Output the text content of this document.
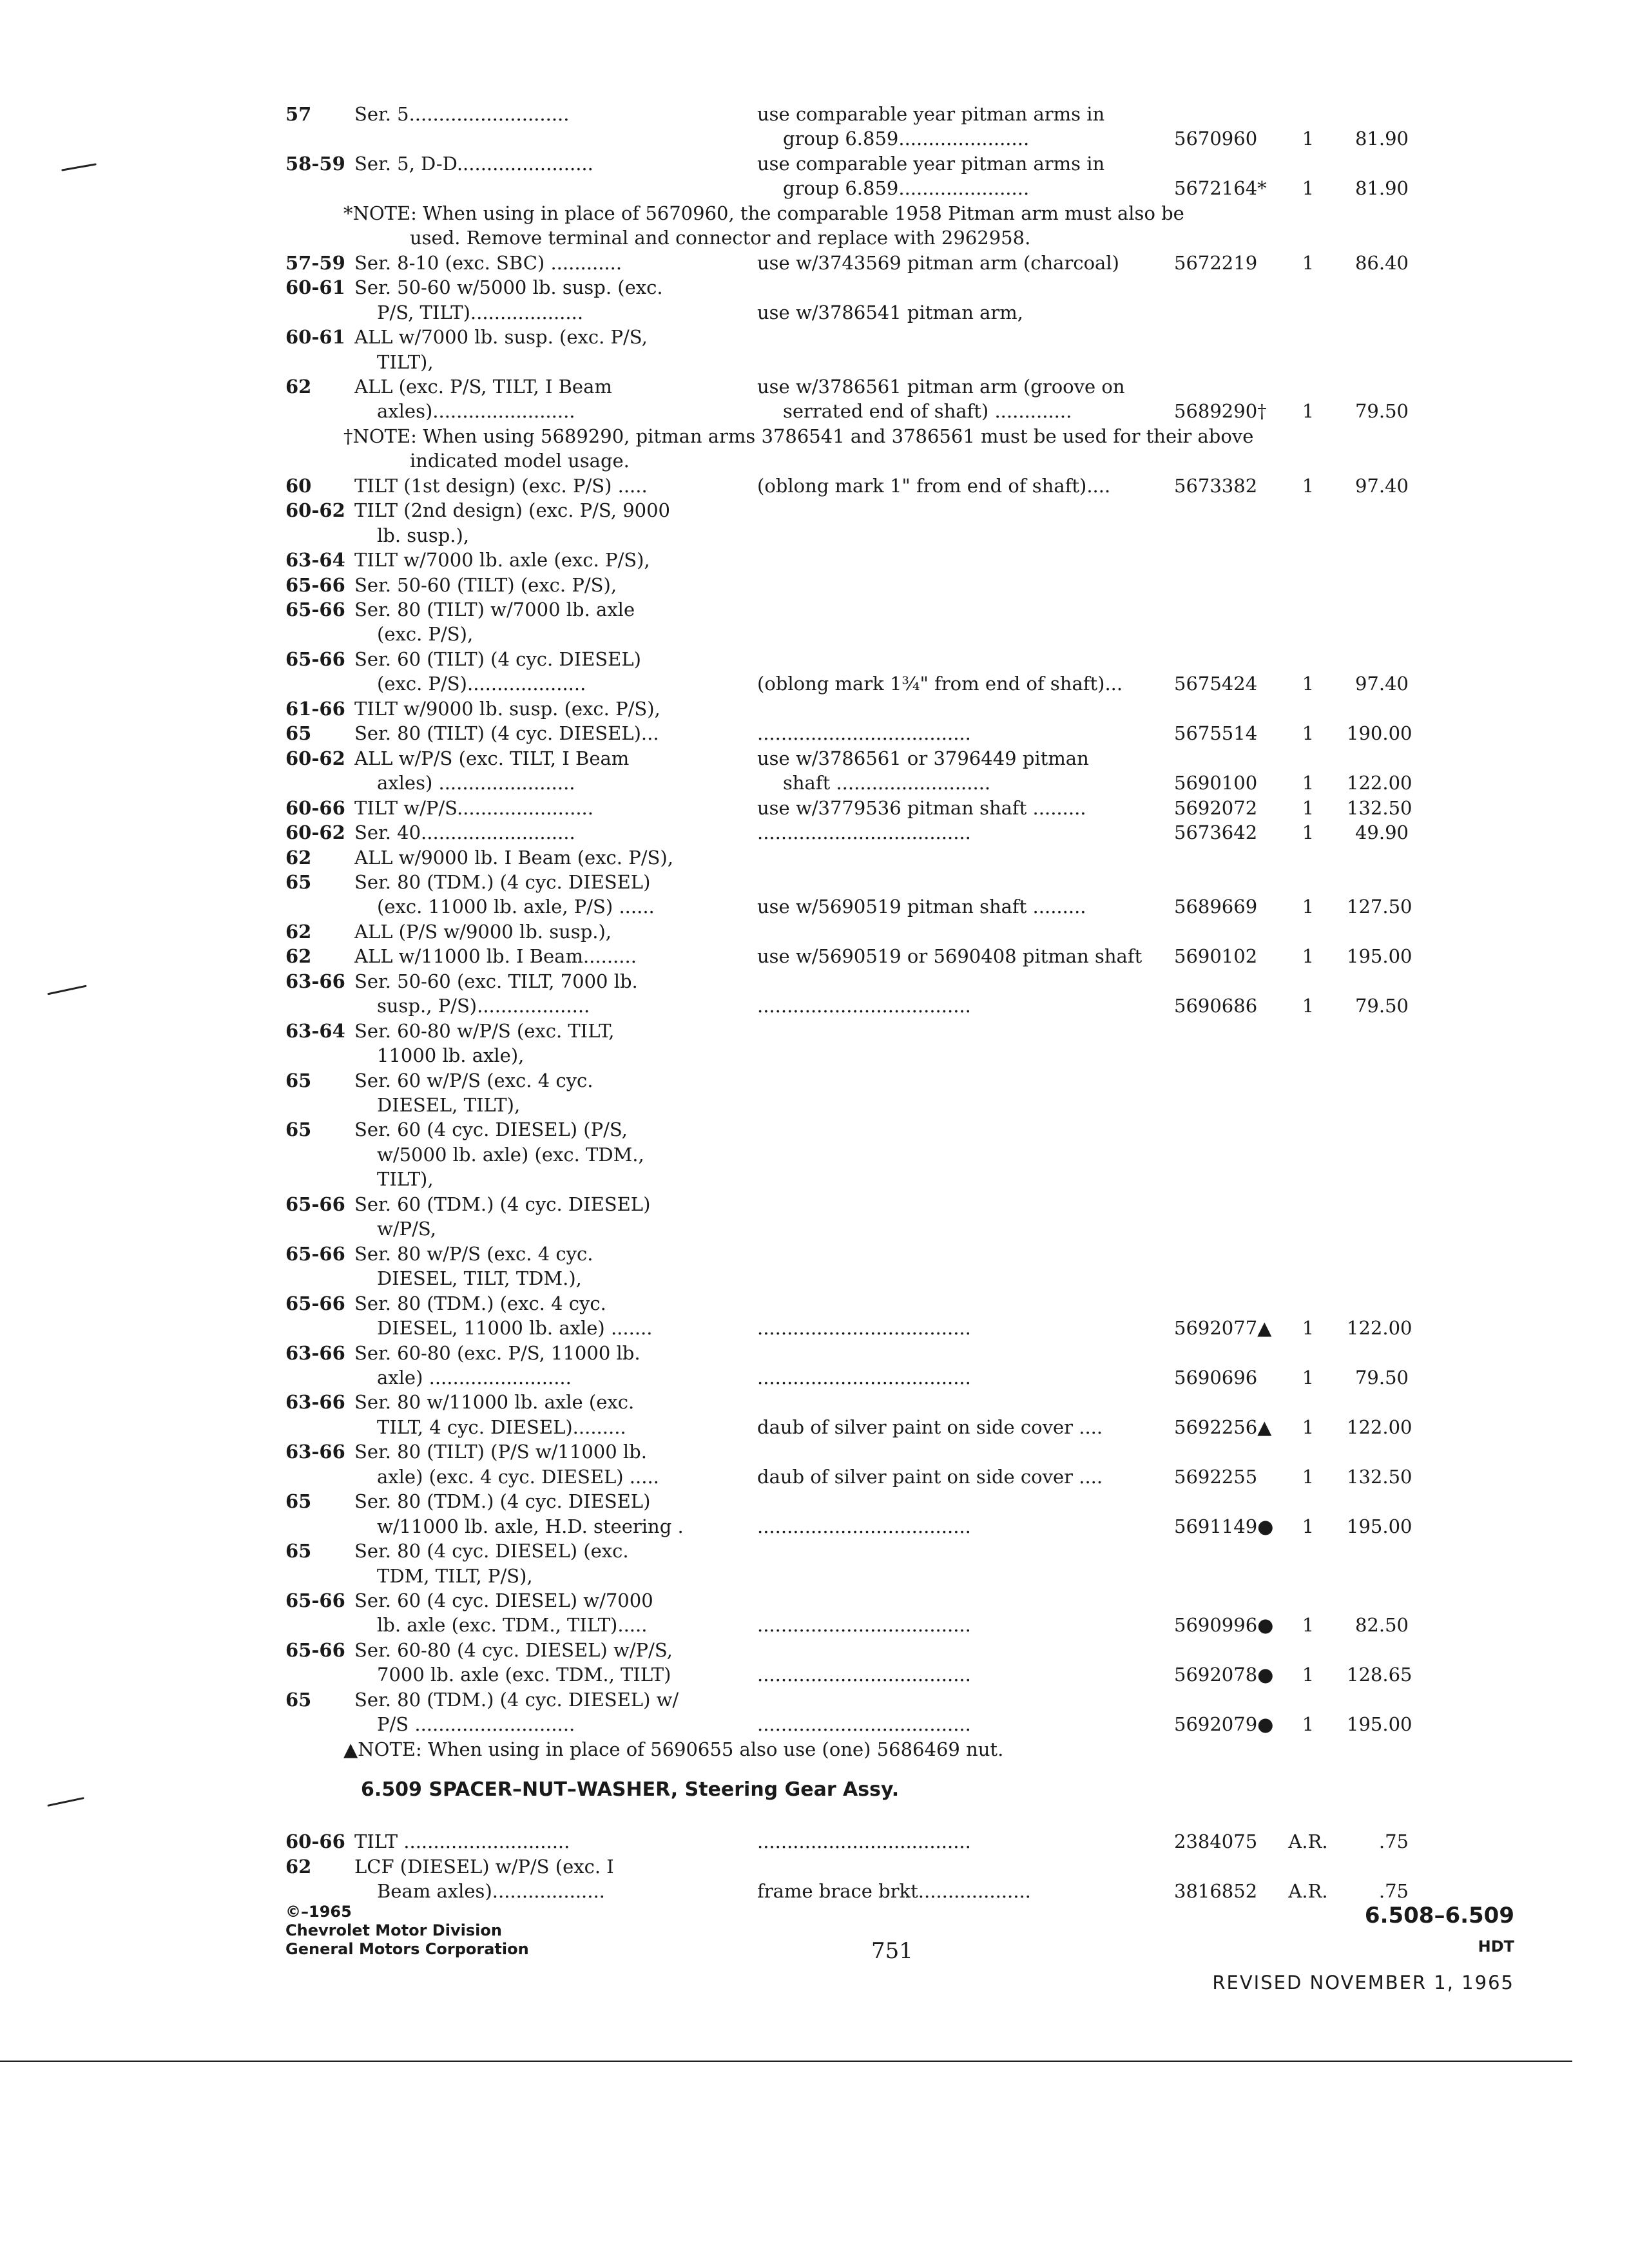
57 Ser. 5...........................	use comparable year pitman arms in
group 6.859......................	5670960	1	81.90
58-59 Ser. 5, D-D.......................	use comparable year pitman arms in
group 6.859......................	5672164*	1	81.90
*NOTE: When using in place of 5670960, the comparable 1958 Pitman arm must also be
used. Remove terminal and connector and replace with 2962958.
57-59 Ser. 8-10 (exc. SBC) ............	use w/3743569 pitman arm (charcoal)	5672219	1	86.40
60-61 Ser. 50-60 w/5000 lb. susp. (exc.
P/S, TILT)...................	use w/3786541 pitman arm,
60-61 ALL w/7000 lb. susp. (exc. P/S,
TILT),
62 ALL (exc. P/S, TILT, I Beam	use w/3786561 pitman arm (groove on
axles)........................	serrated end of shaft) .............	5689290†	1	79.50
†NOTE: When using 5689290, pitman arms 3786541 and 3786561 must be used for their above
indicated model usage.
60 TILT (1st design) (exc. P/S) .....	(oblong mark 1" from end of shaft)....	5673382	1	97.40
60-62 TILT (2nd design) (exc. P/S, 9000
lb. susp.),
63-64 TILT w/7000 lb. axle (exc. P/S),
65-66 Ser. 50-60 (TILT) (exc. P/S),
65-66 Ser. 80 (TILT) w/7000 lb. axle
(exc. P/S),
65-66 Ser. 60 (TILT) (4 cyc. DIESEL)
(exc. P/S)....................	(oblong mark 1¾" from end of shaft)...	5675424	1	97.40
61-66 TILT w/9000 lb. susp. (exc. P/S),
65 Ser. 80 (TILT) (4 cyc. DIESEL)...	....................................	5675514	1	190.00
60-62 ALL w/P/S (exc. TILT, I Beam	use w/3786561 or 3796449 pitman
axles) .......................	shaft ..........................	5690100	1	122.00
60-66 TILT w/P/S.......................	use w/3779536 pitman shaft .........	5692072	1	132.50
60-62 Ser. 40..........................	....................................	5673642	1	49.90
62 ALL w/9000 lb. I Beam (exc. P/S),
65 Ser. 80 (TDM.) (4 cyc. DIESEL)
(exc. 11000 lb. axle, P/S) ......	use w/5690519 pitman shaft .........	5689669	1	127.50
62 ALL (P/S w/9000 lb. susp.),
62 ALL w/11000 lb. I Beam.........	use w/5690519 or 5690408 pitman shaft	5690102	1	195.00
63-66 Ser. 50-60 (exc. TILT, 7000 lb.
susp., P/S)...................	....................................	5690686	1	79.50
63-64 Ser. 60-80 w/P/S (exc. TILT,
11000 lb. axle),
65 Ser. 60 w/P/S (exc. 4 cyc.
DIESEL, TILT),
65 Ser. 60 (4 cyc. DIESEL) (P/S,
w/5000 lb. axle) (exc. TDM.,
TILT),
65-66 Ser. 60 (TDM.) (4 cyc. DIESEL)
w/P/S,
65-66 Ser. 80 w/P/S (exc. 4 cyc.
DIESEL, TILT, TDM.),
65-66 Ser. 80 (TDM.) (exc. 4 cyc.
DIESEL, 11000 lb. axle) .......	....................................	5692077▲	1	122.00
63-66 Ser. 60-80 (exc. P/S, 11000 lb.
axle) ........................	....................................	5690696	1	79.50
63-66 Ser. 80 w/11000 lb. axle (exc.
TILT, 4 cyc. DIESEL).........	daub of silver paint on side cover ....	5692256▲	1	122.00
63-66 Ser. 80 (TILT) (P/S w/11000 lb.
axle) (exc. 4 cyc. DIESEL) .....	daub of silver paint on side cover ....	5692255	1	132.50
65 Ser. 80 (TDM.) (4 cyc. DIESEL)
w/11000 lb. axle, H.D. steering .	....................................	5691149●	1	195.00
65 Ser. 80 (4 cyc. DIESEL) (exc.
TDM, TILT, P/S),
65-66 Ser. 60 (4 cyc. DIESEL) w/7000
lb. axle (exc. TDM., TILT).....	....................................	5690996●	1	82.50
65-66 Ser. 60-80 (4 cyc. DIESEL) w/P/S,
7000 lb. axle (exc. TDM., TILT)	....................................	5692078●	1	128.65
65 Ser. 80 (TDM.) (4 cyc. DIESEL) w/
P/S ...........................	....................................	5692079●	1	195.00
▲NOTE: When using in place of 5690655 also use (one) 5686469 nut.
6.509 SPACER–NUT–WASHER, Steering Gear Assy.
60-66 TILT ............................	....................................	2384075	A.R.	.75
62 LCF (DIESEL) w/P/S (exc. I
Beam axles)...................	frame brace brkt...................	3816852	A.R.	.75
©–1965
Chevrolet Motor Division
General Motors Corporation	751
6.508–6.509
HDT
REVISED NOVEMBER 1, 1965
